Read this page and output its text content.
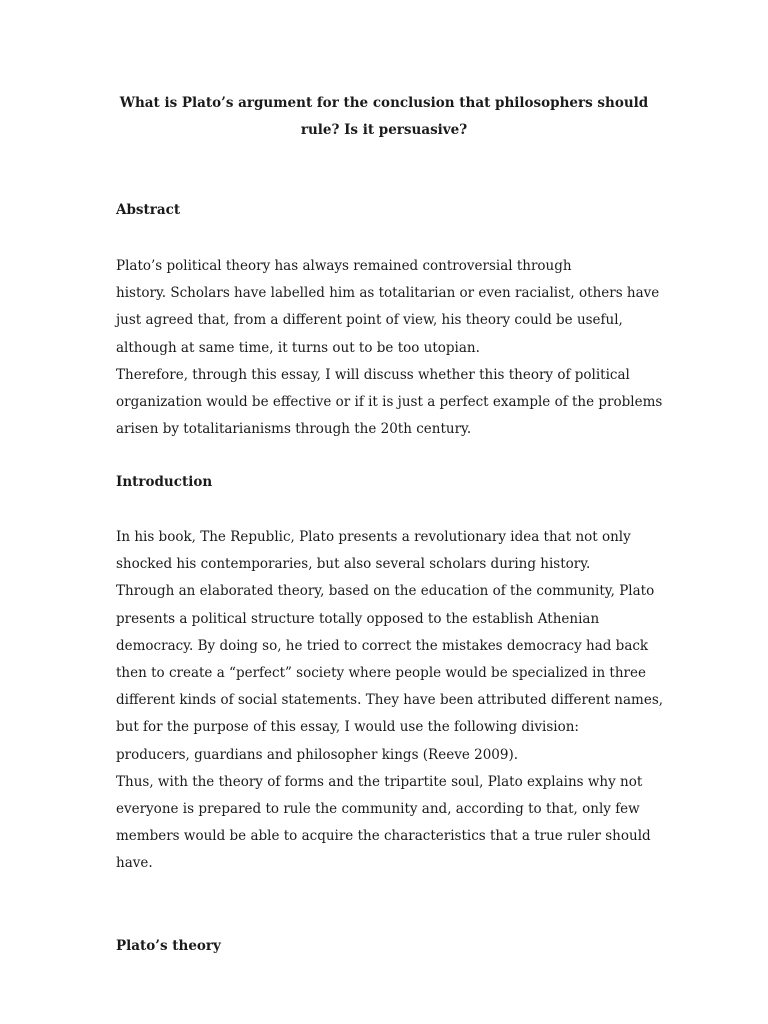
What is Plato’s argument for the conclusion that philosophers should
rule? Is it persuasive?
Abstract
Plato’s political theory has always remained controversial through
history. Scholars have labelled him as totalitarian or even racialist, others have
just agreed that, from a different point of view, his theory could be useful,
although at same time, it turns out to be too utopian.
Therefore, through this essay, I will discuss whether this theory of political
organization would be effective or if it is just a perfect example of the problems
arisen by totalitarianisms through the 20th century.
Introduction
In his book, The Republic, Plato presents a revolutionary idea that not only
shocked his contemporaries, but also several scholars during history.
Through an elaborated theory, based on the education of the community, Plato
presents a political structure totally opposed to the establish Athenian
democracy. By doing so, he tried to correct the mistakes democracy had back
then to create a “perfect” society where people would be specialized in three
different kinds of social statements. They have been attributed different names,
but for the purpose of this essay, I would use the following division:
producers, guardians and philosopher kings (Reeve 2009).
Thus, with the theory of forms and the tripartite soul, Plato explains why not
everyone is prepared to rule the community and, according to that, only few
members would be able to acquire the characteristics that a true ruler should
have.
Plato’s theory
